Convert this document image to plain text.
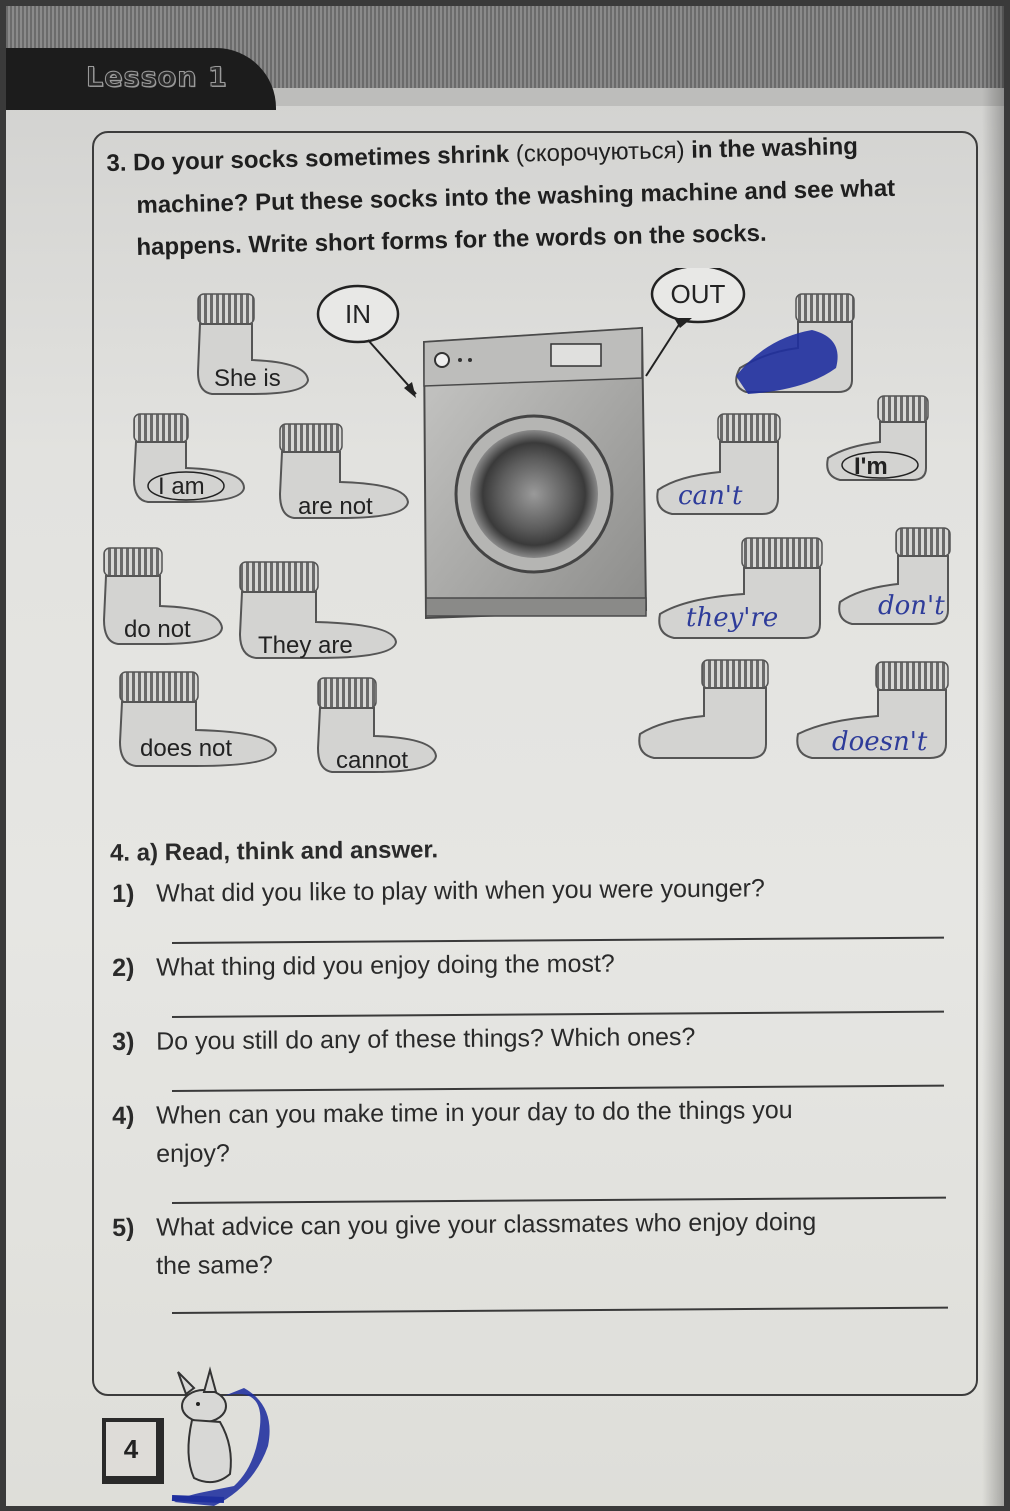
Lesson 1
3. Do your socks sometimes shrink (скорочуються) in the washing
machine? Put these socks into the washing machine and see what
happens. Write short forms for the words on the socks.
IN
OUT
She is
I am
are not
do not
They are
does not	cannot
can't
I'm
they're	don't
doesn't
4. a) Read, think and answer.
1) What did you like to play with when you were younger?
2) What thing did you enjoy doing the most?
3) Do you still do any of these things? Which ones?
4) When can you make time in your day to do the things you
enjoy?
5) What advice can you give your classmates who enjoy doing
the same?
4
